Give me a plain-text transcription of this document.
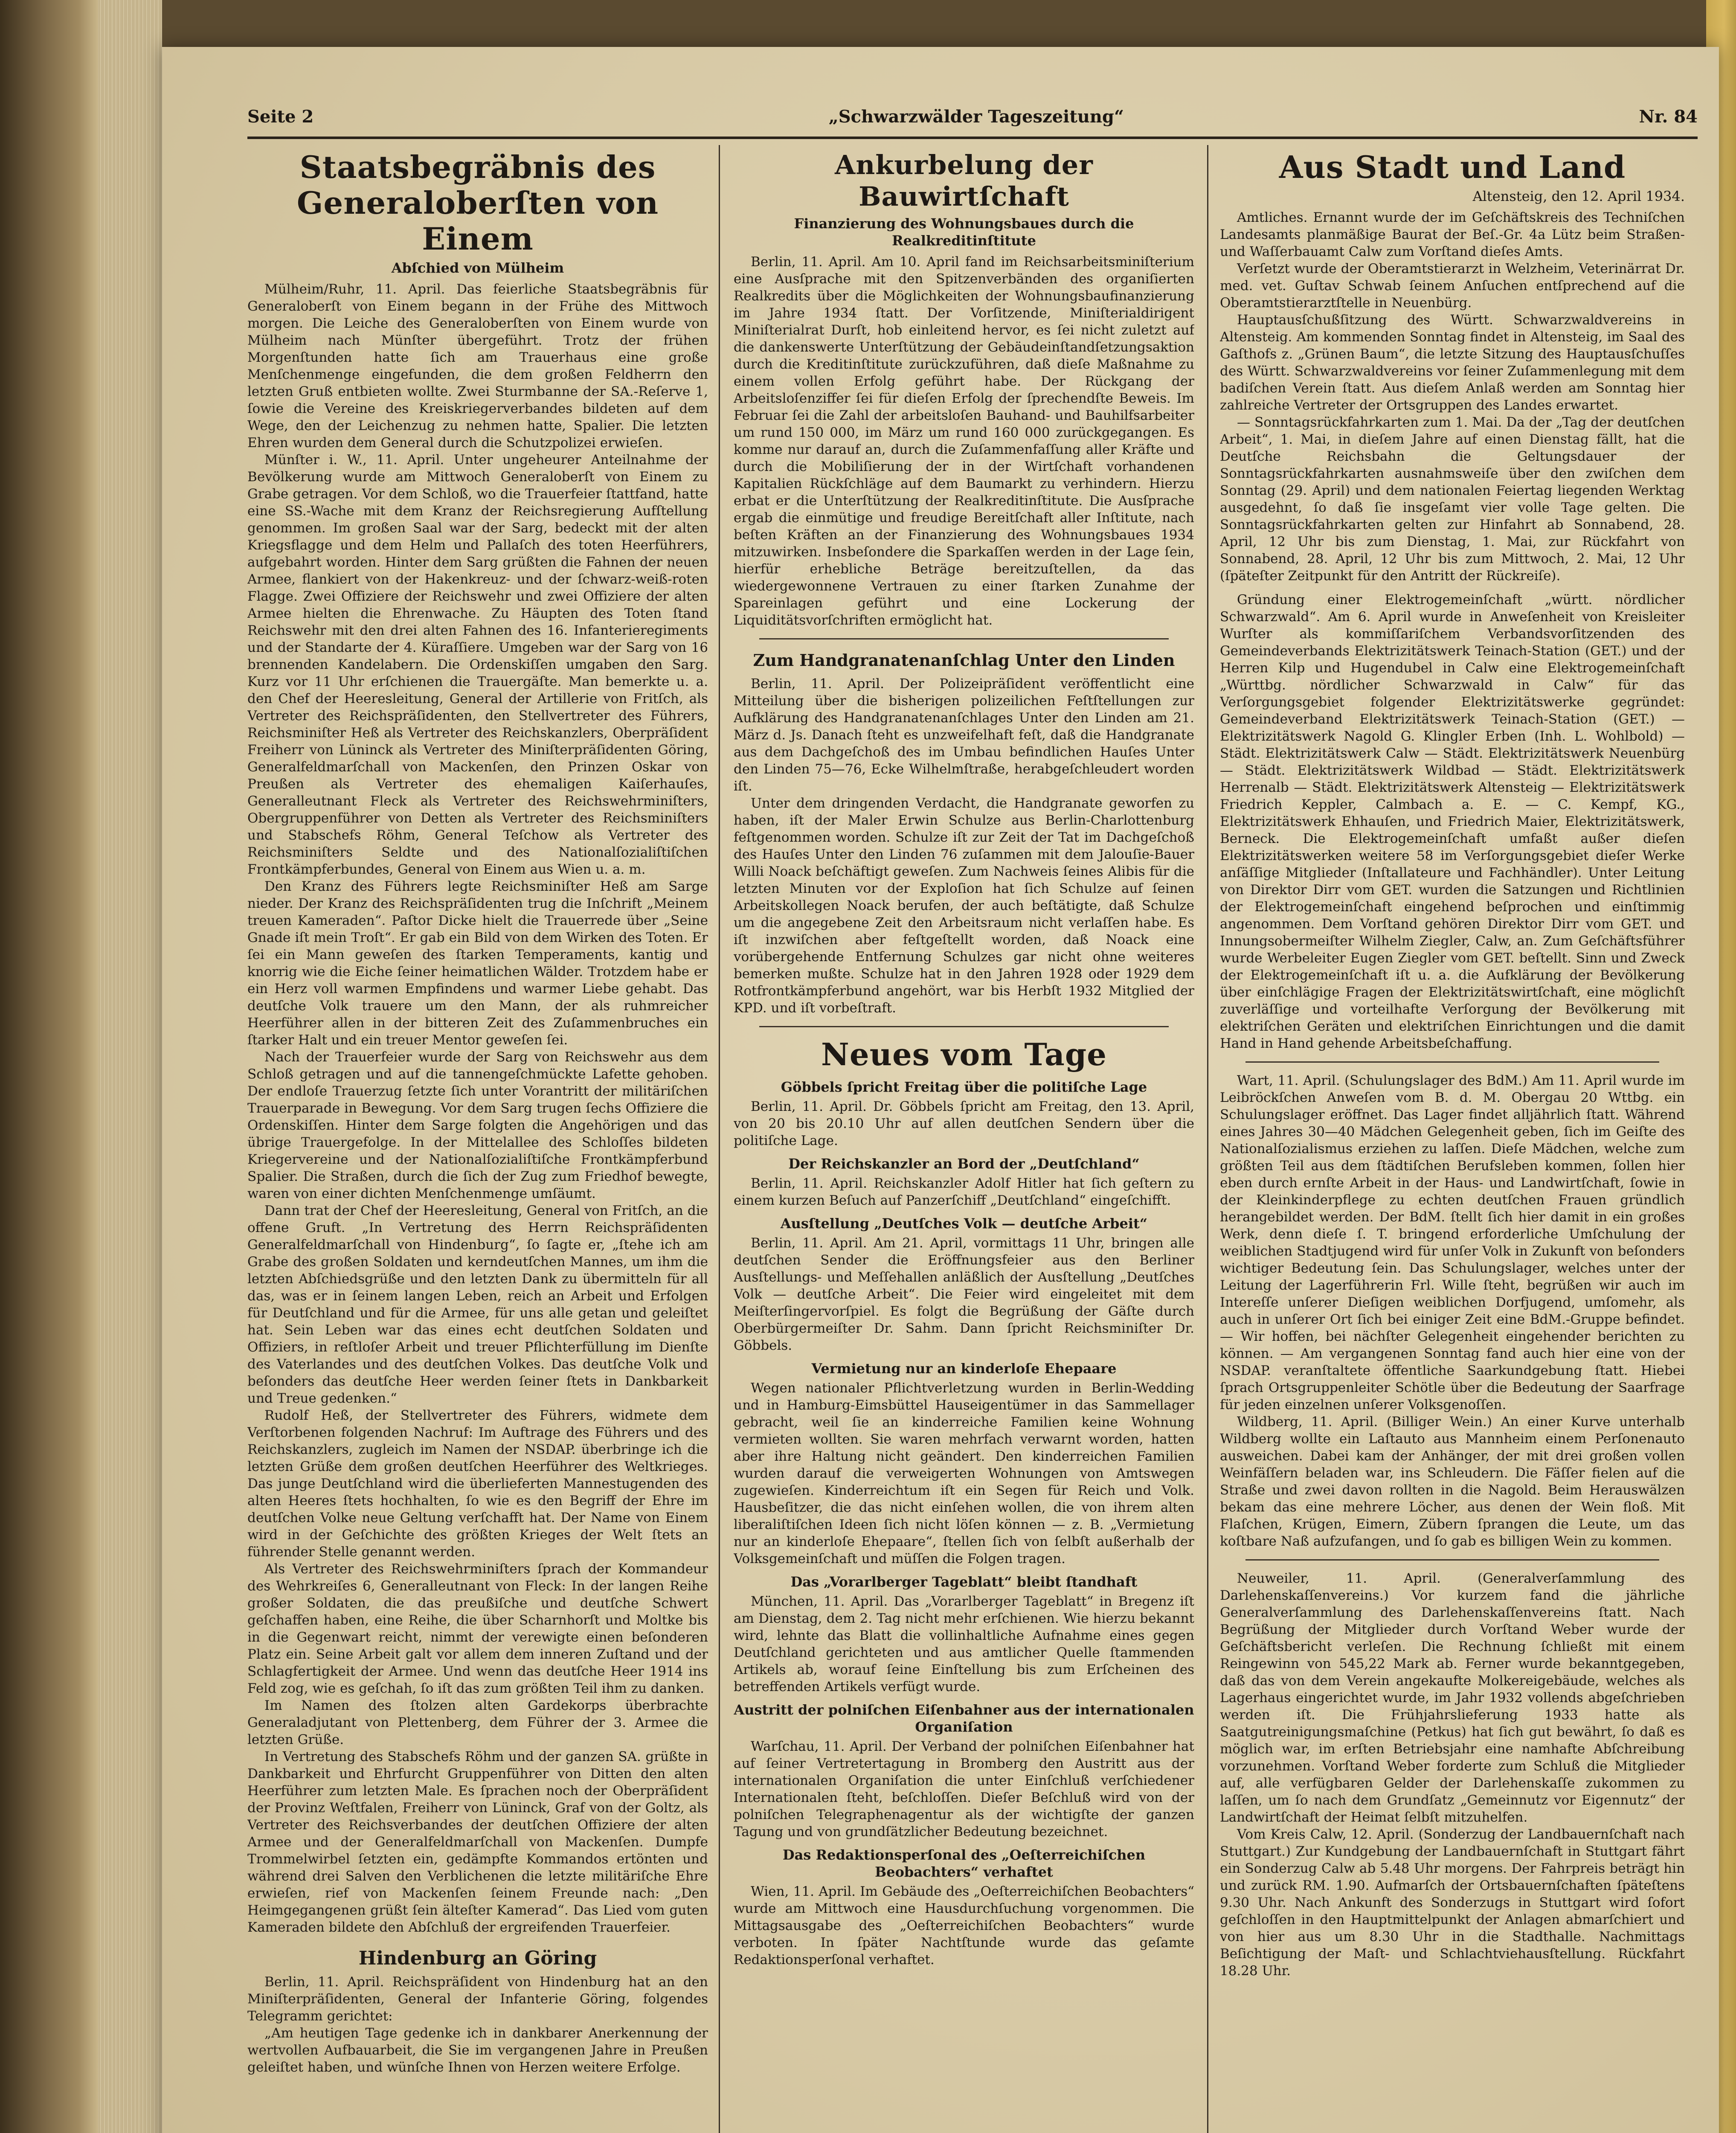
Seite 2	„Schwarzwälder Tageszeitung“	Nr. 84
Staatsbegräbnis des Generaloberſten von Einem
Abſchied von Mülheim

Mülheim/Ruhr, 11. April. Das feierliche Staatsbegräbnis für Generaloberſt von Einem begann in der Frühe des Mittwoch morgen. Die Leiche des Generaloberſten von Einem wurde von Mülheim nach Münſter übergeführt. Trotz der frühen Morgenſtunden hatte ſich am Trauerhaus eine große Menſchenmenge eingefunden, die dem großen Feldherrn den letzten Gruß entbieten wollte. Zwei Sturmbanne der SA.-Reſerve 1, ſowie die Vereine des Kreiskriegerverbandes bildeten auf dem Wege, den der Leichenzug zu nehmen hatte, Spalier. Die letzten Ehren wurden dem General durch die Schutzpolizei erwieſen.

Münſter i. W., 11. April. Unter ungeheurer Anteilnahme der Bevölkerung wurde am Mittwoch Generaloberſt von Einem zu Grabe getragen. Vor dem Schloß, wo die Trauerfeier ſtattfand, hatte eine SS.-Wache mit dem Kranz der Reichsregierung Aufſtellung genommen. Im großen Saal war der Sarg, bedeckt mit der alten Kriegsflagge und dem Helm und Pallaſch des toten Heerführers, aufgebahrt worden. Hinter dem Sarg grüßten die Fahnen der neuen Armee, flankiert von der Hakenkreuz- und der ſchwarz-weiß-roten Flagge. Zwei Offiziere der Reichswehr und zwei Offiziere der alten Armee hielten die Ehrenwache. Zu Häupten des Toten ſtand Reichswehr mit den drei alten Fahnen des 16. Infanterieregiments und der Standarte der 4. Küraſſiere. Umgeben war der Sarg von 16 brennenden Kandelabern. Die Ordenskiſſen umgaben den Sarg. Kurz vor 11 Uhr erſchienen die Trauergäſte. Man bemerkte u. a. den Chef der Heeresleitung, General der Artillerie von Fritſch, als Vertreter des Reichspräſidenten, den Stellvertreter des Führers, Reichsminiſter Heß als Vertreter des Reichskanzlers, Oberpräſident Freiherr von Lüninck als Vertreter des Miniſterpräſidenten Göring, Generalfeldmarſchall von Mackenſen, den Prinzen Oskar von Preußen als Vertreter des ehemaligen Kaiſerhauſes, Generalleutnant Fleck als Vertreter des Reichswehrminiſters, Obergruppenführer von Detten als Vertreter des Reichsminiſters und Stabschefs Röhm, General Teſchow als Vertreter des Reichsminiſters Seldte und des Nationalſozialiſtiſchen Frontkämpferbundes, General von Einem aus Wien u. a. m.

Den Kranz des Führers legte Reichsminiſter Heß am Sarge nieder. Der Kranz des Reichspräſidenten trug die Inſchrift „Meinem treuen Kameraden“. Paſtor Dicke hielt die Trauerrede über „Seine Gnade iſt mein Troſt“. Er gab ein Bild von dem Wirken des Toten. Er ſei ein Mann geweſen des ſtarken Temperaments, kantig und knorrig wie die Eiche ſeiner heimatlichen Wälder. Trotzdem habe er ein Herz voll warmen Empfindens und warmer Liebe gehabt. Das deutſche Volk trauere um den Mann, der als ruhmreicher Heerführer allen in der bitteren Zeit des Zuſammenbruches ein ſtarker Halt und ein treuer Mentor geweſen ſei.

Nach der Trauerfeier wurde der Sarg von Reichswehr aus dem Schloß getragen und auf die tannengeſchmückte Lafette gehoben. Der endloſe Trauerzug ſetzte ſich unter Vorantritt der militäriſchen Trauerparade in Bewegung. Vor dem Sarg trugen ſechs Offiziere die Ordenskiſſen. Hinter dem Sarge folgten die Angehörigen und das übrige Trauergefolge. In der Mittelallee des Schloſſes bildeten Kriegervereine und der Nationalſozialiſtiſche Frontkämpferbund Spalier. Die Straßen, durch die ſich der Zug zum Friedhof bewegte, waren von einer dichten Menſchenmenge umſäumt.

Dann trat der Chef der Heeresleitung, General von Fritſch, an die offene Gruft. „In Vertretung des Herrn Reichspräſidenten Generalfeldmarſchall von Hindenburg“, ſo ſagte er, „ſtehe ich am Grabe des großen Soldaten und kerndeutſchen Mannes, um ihm die letzten Abſchiedsgrüße und den letzten Dank zu übermitteln für all das, was er in ſeinem langen Leben, reich an Arbeit und Erfolgen für Deutſchland und für die Armee, für uns alle getan und geleiſtet hat. Sein Leben war das eines echt deutſchen Soldaten und Offiziers, in reſtloſer Arbeit und treuer Pflichterfüllung im Dienſte des Vaterlandes und des deutſchen Volkes. Das deutſche Volk und beſonders das deutſche Heer werden ſeiner ſtets in Dankbarkeit und Treue gedenken.“

Rudolf Heß, der Stellvertreter des Führers, widmete dem Verſtorbenen folgenden Nachruf: Im Auftrage des Führers und des Reichskanzlers, zugleich im Namen der NSDAP. überbringe ich die letzten Grüße dem großen deutſchen Heerführer des Weltkrieges. Das junge Deutſchland wird die überlieferten Mannestugenden des alten Heeres ſtets hochhalten, ſo wie es den Begriff der Ehre im deutſchen Volke neue Geltung verſchafft hat. Der Name von Einem wird in der Geſchichte des größten Krieges der Welt ſtets an führender Stelle genannt werden.

Als Vertreter des Reichswehrminiſters ſprach der Kommandeur des Wehrkreiſes 6, Generalleutnant von Fleck: In der langen Reihe großer Soldaten, die das preußiſche und deutſche Schwert geſchaffen haben, eine Reihe, die über Scharnhorſt und Moltke bis in die Gegenwart reicht, nimmt der verewigte einen beſonderen Platz ein. Seine Arbeit galt vor allem dem inneren Zuſtand und der Schlagfertigkeit der Armee. Und wenn das deutſche Heer 1914 ins Feld zog, wie es geſchah, ſo iſt das zum größten Teil ihm zu danken.

Im Namen des ſtolzen alten Gardekorps überbrachte Generaladjutant von Plettenberg, dem Führer der 3. Armee die letzten Grüße.

In Vertretung des Stabschefs Röhm und der ganzen SA. grüßte in Dankbarkeit und Ehrfurcht Gruppenführer von Ditten den alten Heerführer zum letzten Male. Es ſprachen noch der Oberpräſident der Provinz Weſtfalen, Freiherr von Lüninck, Graf von der Goltz, als Vertreter des Reichsverbandes der deutſchen Offiziere der alten Armee und der Generalfeldmarſchall von Mackenſen. Dumpfe Trommelwirbel ſetzten ein, gedämpfte Kommandos ertönten und während drei Salven den Verblichenen die letzte militäriſche Ehre erwieſen, rief von Mackenſen ſeinem Freunde nach: „Den Heimgegangenen grüßt ſein älteſter Kamerad“. Das Lied vom guten Kameraden bildete den Abſchluß der ergreifenden Trauerfeier.

Hindenburg an Göring

Berlin, 11. April. Reichspräſident von Hindenburg hat an den Miniſterpräſidenten, General der Infanterie Göring, folgendes Telegramm gerichtet:

„Am heutigen Tage gedenke ich in dankbarer Anerkennung der wertvollen Aufbauarbeit, die Sie im vergangenen Jahre in Preußen geleiſtet haben, und wünſche Ihnen von Herzen weitere Erfolge.

Ankurbelung der Bauwirtſchaft
Finanzierung des Wohnungsbaues durch die Realkreditinſtitute

Berlin, 11. April. Am 10. April fand im Reichsarbeitsminiſterium eine Ausſprache mit den Spitzenverbänden des organiſierten Realkredits über die Möglichkeiten der Wohnungsbaufinanzierung im Jahre 1934 ſtatt. Der Vorſitzende, Miniſterialdirigent Miniſterialrat Durſt, hob einleitend hervor, es ſei nicht zuletzt auf die dankenswerte Unterſtützung der Gebäudeinſtandſetzungsaktion durch die Kreditinſtitute zurückzuführen, daß dieſe Maßnahme zu einem vollen Erfolg geführt habe. Der Rückgang der Arbeitsloſenziffer ſei für dieſen Erfolg der ſprechendſte Beweis. Im Februar ſei die Zahl der arbeitsloſen Bauhand- und Bauhilfsarbeiter um rund 150 000, im März um rund 160 000 zurückgegangen. Es komme nur darauf an, durch die Zuſammenfaſſung aller Kräfte und durch die Mobiliſierung der in der Wirtſchaft vorhandenen Kapitalien Rückſchläge auf dem Baumarkt zu verhindern. Hierzu erbat er die Unterſtützung der Realkreditinſtitute. Die Ausſprache ergab die einmütige und freudige Bereitſchaft aller Inſtitute, nach beſten Kräften an der Finanzierung des Wohnungsbaues 1934 mitzuwirken. Insbeſondere die Sparkaſſen werden in der Lage ſein, hierfür erhebliche Beträge bereitzuſtellen, da das wiedergewonnene Vertrauen zu einer ſtarken Zunahme der Spareinlagen geführt und eine Lockerung der Liquiditätsvorſchriften ermöglicht hat.

Zum Handgranatenanſchlag Unter den Linden

Berlin, 11. April. Der Polizeipräſident veröffentlicht eine Mitteilung über die bisherigen polizeilichen Feſtſtellungen zur Aufklärung des Handgranatenanſchlages Unter den Linden am 21. März d. Js. Danach ſteht es unzweifelhaft feſt, daß die Handgranate aus dem Dachgeſchoß des im Umbau befindlichen Hauſes Unter den Linden 75—76, Ecke Wilhelmſtraße, herabgeſchleudert worden iſt.

Unter dem dringenden Verdacht, die Handgranate geworfen zu haben, iſt der Maler Erwin Schulze aus Berlin-Charlottenburg feſtgenommen worden. Schulze iſt zur Zeit der Tat im Dachgeſchoß des Hauſes Unter den Linden 76 zuſammen mit dem Jalouſie-Bauer Willi Noack beſchäftigt geweſen. Zum Nachweis ſeines Alibis für die letzten Minuten vor der Exploſion hat ſich Schulze auf ſeinen Arbeitskollegen Noack berufen, der auch beſtätigte, daß Schulze um die angegebene Zeit den Arbeitsraum nicht verlaſſen habe. Es iſt inzwiſchen aber feſtgeſtellt worden, daß Noack eine vorübergehende Entfernung Schulzes gar nicht ohne weiteres bemerken mußte. Schulze hat in den Jahren 1928 oder 1929 dem Rotfrontkämpferbund angehört, war bis Herbſt 1932 Mitglied der KPD. und iſt vorbeſtraft.

Neues vom Tage
Göbbels ſpricht Freitag über die politiſche Lage

Berlin, 11. April. Dr. Göbbels ſpricht am Freitag, den 13. April, von 20 bis 20.10 Uhr auf allen deutſchen Sendern über die politiſche Lage.

Der Reichskanzler an Bord der „Deutſchland“

Berlin, 11. April. Reichskanzler Adolf Hitler hat ſich geſtern zu einem kurzen Beſuch auf Panzerſchiff „Deutſchland“ eingeſchifft.

Ausſtellung „Deutſches Volk — deutſche Arbeit“

Berlin, 11. April. Am 21. April, vormittags 11 Uhr, bringen alle deutſchen Sender die Eröffnungsfeier aus den Berliner Ausſtellungs- und Meſſehallen anläßlich der Ausſtellung „Deutſches Volk — deutſche Arbeit“. Die Feier wird eingeleitet mit dem Meiſterſingervorſpiel. Es folgt die Begrüßung der Gäſte durch Oberbürgermeiſter Dr. Sahm. Dann ſpricht Reichsminiſter Dr. Göbbels.

Vermietung nur an kinderloſe Ehepaare

Wegen nationaler Pflichtverletzung wurden in Berlin-Wedding und in Hamburg-Eimsbüttel Hauseigentümer in das Sammellager gebracht, weil ſie an kinderreiche Familien keine Wohnung vermieten wollten. Sie waren mehrfach verwarnt worden, hatten aber ihre Haltung nicht geändert. Den kinderreichen Familien wurden darauf die verweigerten Wohnungen von Amtswegen zugewieſen. Kinderreichtum iſt ein Segen für Reich und Volk. Hausbeſitzer, die das nicht einſehen wollen, die von ihrem alten liberaliſtiſchen Ideen ſich nicht löſen können — z. B. „Vermietung nur an kinderloſe Ehepaare“, ſtellen ſich von ſelbſt außerhalb der Volksgemeinſchaft und müſſen die Folgen tragen.

Das „Vorarlberger Tageblatt“ bleibt ſtandhaft

München, 11. April. Das „Vorarlberger Tageblatt“ in Bregenz iſt am Dienstag, dem 2. Tag nicht mehr erſchienen. Wie hierzu bekannt wird, lehnte das Blatt die vollinhaltliche Aufnahme eines gegen Deutſchland gerichteten und aus amtlicher Quelle ſtammenden Artikels ab, worauf ſeine Einſtellung bis zum Erſcheinen des betreffenden Artikels verfügt wurde.

Austritt der polniſchen Eiſenbahner aus der internationalen Organiſation

Warſchau, 11. April. Der Verband der polniſchen Eiſenbahner hat auf ſeiner Vertretertagung in Bromberg den Austritt aus der internationalen Organiſation die unter Einſchluß verſchiedener Internationalen ſteht, beſchloſſen. Dieſer Beſchluß wird von der polniſchen Telegraphenagentur als der wichtigſte der ganzen Tagung und von grundſätzlicher Bedeutung bezeichnet.

Das Redaktionsperſonal des „Oeſterreichiſchen Beobachters“ verhaftet

Wien, 11. April. Im Gebäude des „Oeſterreichiſchen Beobachters“ wurde am Mittwoch eine Hausdurchſuchung vorgenommen. Die Mittagsausgabe des „Oeſterreichiſchen Beobachters“ wurde verboten. In ſpäter Nachtſtunde wurde das geſamte Redaktionsperſonal verhaftet.

Aus Stadt und Land
Altensteig, den 12. April 1934.

Amtliches. Ernannt wurde der im Geſchäftskreis des Techniſchen Landesamts planmäßige Baurat der Beſ.-Gr. 4a Lütz beim Straßen- und Waſſerbauamt Calw zum Vorſtand dieſes Amts.

Verſetzt wurde der Oberamtstierarzt in Welzheim, Veterinärrat Dr. med. vet. Guſtav Schwab ſeinem Anſuchen entſprechend auf die Oberamtstierarztſtelle in Neuenbürg.

Hauptausſchußſitzung des Württ. Schwarzwaldvereins in Altensteig. Am kommenden Sonntag findet in Altensteig, im Saal des Gaſthofs z. „Grünen Baum“, die letzte Sitzung des Hauptausſchuſſes des Württ. Schwarzwaldvereins vor ſeiner Zuſammenlegung mit dem badiſchen Verein ſtatt. Aus dieſem Anlaß werden am Sonntag hier zahlreiche Vertreter der Ortsgruppen des Landes erwartet.

— Sonntagsrückfahrkarten zum 1. Mai. Da der „Tag der deutſchen Arbeit“, 1. Mai, in dieſem Jahre auf einen Dienstag fällt, hat die Deutſche Reichsbahn die Geltungsdauer der Sonntagsrückfahrkarten ausnahmsweiſe über den zwiſchen dem Sonntag (29. April) und dem nationalen Feiertag liegenden Werktag ausgedehnt, ſo daß ſie insgeſamt vier volle Tage gelten. Die Sonntagsrückfahrkarten gelten zur Hinfahrt ab Sonnabend, 28. April, 12 Uhr bis zum Dienstag, 1. Mai, zur Rückfahrt von Sonnabend, 28. April, 12 Uhr bis zum Mittwoch, 2. Mai, 12 Uhr (ſpäteſter Zeitpunkt für den Antritt der Rückreiſe).

Gründung einer Elektrogemeinſchaft „württ. nördlicher Schwarzwald“. Am 6. April wurde in Anweſenheit von Kreisleiter Wurſter als kommiſſariſchem Verbandsvorſitzenden des Gemeindeverbands Elektrizitätswerk Teinach-Station (GET.) und der Herren Kilp und Hugendubel in Calw eine Elektrogemeinſchaft „Württbg. nördlicher Schwarzwald in Calw“ für das Verſorgungsgebiet folgender Elektrizitätswerke gegründet: Gemeindeverband Elektrizitätswerk Teinach-Station (GET.) — Elektrizitätswerk Nagold G. Klingler Erben (Inh. L. Wohlbold) — Städt. Elektrizitätswerk Calw — Städt. Elektrizitätswerk Neuenbürg — Städt. Elektrizitätswerk Wildbad — Städt. Elektrizitätswerk Herrenalb — Städt. Elektrizitätswerk Altensteig — Elektrizitätswerk Friedrich Keppler, Calmbach a. E. — C. Kempf, KG., Elektrizitätswerk Ehhauſen, und Friedrich Maier, Elektrizitätswerk, Berneck. Die Elektrogemeinſchaft umfaßt außer dieſen Elektrizitätswerken weitere 58 im Verſorgungsgebiet dieſer Werke anſäſſige Mitglieder (Inſtallateure und Fachhändler). Unter Leitung von Direktor Dirr vom GET. wurden die Satzungen und Richtlinien der Elektrogemeinſchaft eingehend beſprochen und einſtimmig angenommen. Dem Vorſtand gehören Direktor Dirr vom GET. und Innungsobermeiſter Wilhelm Ziegler, Calw, an. Zum Geſchäftsführer wurde Werbeleiter Eugen Ziegler vom GET. beſtellt. Sinn und Zweck der Elektrogemeinſchaft iſt u. a. die Aufklärung der Bevölkerung über einſchlägige Fragen der Elektrizitätswirtſchaft, eine möglichſt zuverläſſige und vorteilhafte Verſorgung der Bevölkerung mit elektriſchen Geräten und elektriſchen Einrichtungen und die damit Hand in Hand gehende Arbeitsbeſchaffung.

Wart, 11. April. (Schulungslager des BdM.) Am 11. April wurde im Leibröckſchen Anweſen vom B. d. M. Obergau 20 Wttbg. ein Schulungslager eröffnet. Das Lager findet alljährlich ſtatt. Während eines Jahres 30—40 Mädchen Gelegenheit geben, ſich im Geiſte des Nationalſozialismus erziehen zu laſſen. Dieſe Mädchen, welche zum größten Teil aus dem ſtädtiſchen Berufsleben kommen, ſollen hier eben durch ernſte Arbeit in der Haus- und Landwirtſchaft, ſowie in der Kleinkinderpflege zu echten deutſchen Frauen gründlich herangebildet werden. Der BdM. ſtellt ſich hier damit in ein großes Werk, denn dieſe ſ. T. bringend erforderliche Umſchulung der weiblichen Stadtjugend wird für unſer Volk in Zukunft von beſonders wichtiger Bedeutung ſein. Das Schulungslager, welches unter der Leitung der Lagerführerin Frl. Wille ſteht, begrüßen wir auch im Intereſſe unſerer Dieſigen weiblichen Dorfjugend, umſomehr, als auch in unſerer Ort ſich bei einiger Zeit eine BdM.-Gruppe befindet. — Wir hoffen, bei nächſter Gelegenheit eingehender berichten zu können. — Am vergangenen Sonntag fand auch hier eine von der NSDAP. veranſtaltete öffentliche Saarkundgebung ſtatt. Hiebei ſprach Ortsgruppenleiter Schötle über die Bedeutung der Saarfrage für jeden einzelnen unſerer Volksgenoſſen.

Wildberg, 11. April. (Billiger Wein.) An einer Kurve unterhalb Wildberg wollte ein Laſtauto aus Mannheim einem Perſonenauto ausweichen. Dabei kam der Anhänger, der mit drei großen vollen Weinfäſſern beladen war, ins Schleudern. Die Fäſſer fielen auf die Straße und zwei davon rollten in die Nagold. Beim Herauswälzen bekam das eine mehrere Löcher, aus denen der Wein floß. Mit Flaſchen, Krügen, Eimern, Zübern ſprangen die Leute, um das koſtbare Naß aufzufangen, und ſo gab es billigen Wein zu kommen.

Neuweiler, 11. April. (Generalverſammlung des Darlehenskaſſenvereins.) Vor kurzem fand die jährliche Generalverſammlung des Darlehenskaſſenvereins ſtatt. Nach Begrüßung der Mitglieder durch Vorſtand Weber wurde der Geſchäftsbericht verleſen. Die Rechnung ſchließt mit einem Reingewinn von 545,22 Mark ab. Ferner wurde bekanntgegeben, daß das von dem Verein angekaufte Molkereigebäude, welches als Lagerhaus eingerichtet wurde, im Jahr 1932 vollends abgeſchrieben werden iſt. Die Frühjahrslieferung 1933 hatte als Saatgutreinigungsmaſchine (Petkus) hat ſich gut bewährt, ſo daß es möglich war, im erſten Betriebsjahr eine namhafte Abſchreibung vorzunehmen. Vorſtand Weber forderte zum Schluß die Mitglieder auf, alle verfügbaren Gelder der Darlehenskaſſe zukommen zu laſſen, um ſo nach dem Grundſatz „Gemeinnutz vor Eigennutz“ der Landwirtſchaft der Heimat ſelbſt mitzuhelfen.

Vom Kreis Calw, 12. April. (Sonderzug der Landbauernſchaft nach Stuttgart.) Zur Kundgebung der Landbauernſchaft in Stuttgart fährt ein Sonderzug Calw ab 5.48 Uhr morgens. Der Fahrpreis beträgt hin und zurück RM. 1.90. Aufmarſch der Ortsbauernſchaften ſpäteſtens 9.30 Uhr. Nach Ankunft des Sonderzugs in Stuttgart wird ſofort geſchloſſen in den Hauptmittelpunkt der Anlagen abmarſchiert und von hier aus um 8.30 Uhr in die Stadthalle. Nachmittags Beſichtigung der Maſt- und Schlachtviehausſtellung. Rückfahrt 18.28 Uhr.
